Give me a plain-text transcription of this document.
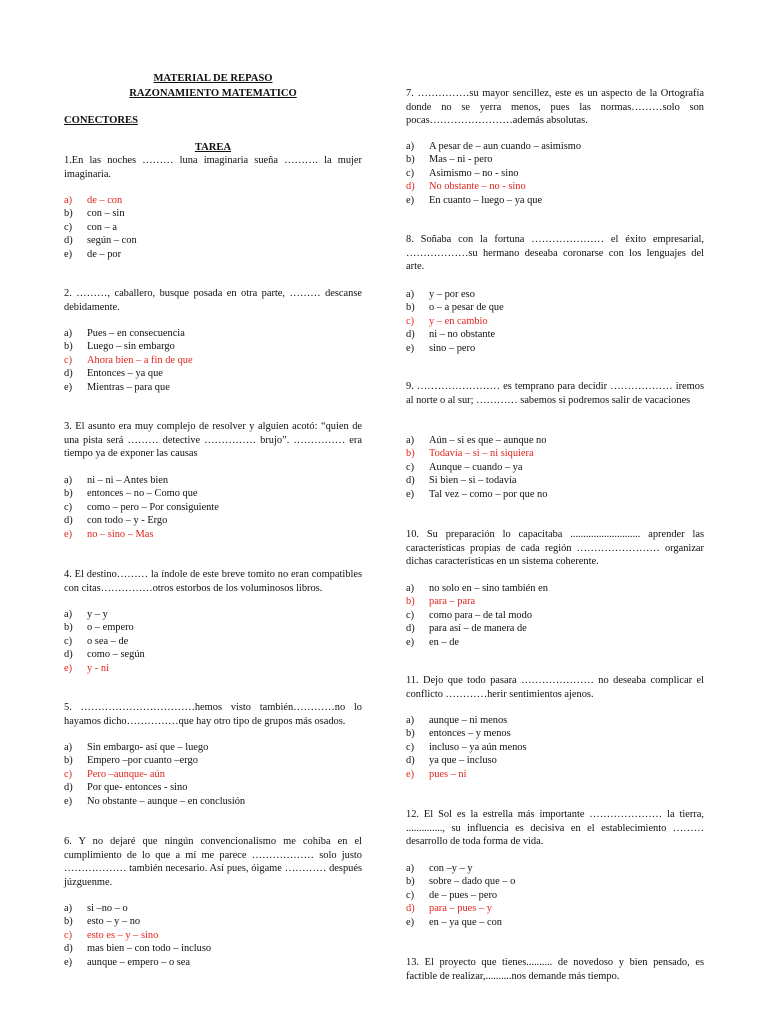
MATERIAL DE REPASO
RAZONAMIENTO MATEMATICO
CONECTORES
TAREA
1.En las noches ……… luna imaginaria sueña ………. la mujer imaginaria.
a) de – con
b) con – sin
c) con – a
d) según – con
e) de – por
2. ………, caballero, busque posada en otra parte, ……… descanse debidamente.
a) Pues – en consecuencia
b) Luego – sin embargo
c) Ahora bien – a fin de que
d) Entonces – ya que
e) Mientras – para que
3. El asunto era muy complejo de resolver y alguien acotó: “quien de una pista será ……… detective …………… brujo”. …………… era tiempo ya de exponer las causas
a) ni – ni – Antes bien
b) entonces – no – Como que
c) como – pero – Por consiguiente
d) con todo – y - Ergo
e) no – sino – Mas
4. El destino……… la índole de este breve tomito no eran compatibles con citas……………otros estorbos de los voluminosos libros.
a) y – y
b) o – empero
c) o sea – de
d) como – según
e) y - ni
5. ……………………………hemos visto también…………no lo hayamos dicho……………que hay otro tipo de grupos más osados.
a) Sin embargo- así que – luego
b) Empero –por cuanto –ergo
c) Pero –aunque- aún
d) Por que- entonces - sino
e) No obstante – aunque – en conclusión
6. Y no dejaré que ningún convencionalismo me cohíba en el cumplimiento de lo que a mí me parece ……………… solo justo ……………… también necesario. Así pues, óigame ………… después júzguenme.
a) si –no – o
b) esto – y – no
c) esto es – y – sino
d) mas bien – con todo – incluso
e) aunque – empero – o sea
7. ……………su mayor sencillez, este es un aspecto de la Ortografía donde no se yerra menos, pues las normas………solo son pocas……………………además absolutas.
a) A pesar de – aun cuando – asimismo
b) Mas – ni - pero
c) Asimismo – no - sino
d) No obstante – no - sino
e) En cuanto – luego – ya que
8. Soñaba con la fortuna ………………… el éxito empresarial, ………………su hermano deseaba coronarse con los lenguajes del arte.
a) y – por eso
b) o – a pesar de que
c) y – en cambio
d) ni – no obstante
e) sino – pero
9. …………………… es temprano para decidir ……………… iremos al norte o al sur; ………… sabemos si podremos salir de vacaciones
a) Aún – si es que – aunque no
b) Todavía – si – ni siquiera
c) Aunque – cuando – ya
d) Si bien – si – todavía
e) Tal vez – como – por que no
10. Su preparación lo capacitaba ........................... aprender las características propias de cada región …………………… organizar dichas características en un sistema coherente.
a) no solo en – sino también en
b) para – para
c) como para – de tal modo
d) para así – de manera de
e) en – de
11. Dejo que todo pasara ………………… no deseaba complicar el conflicto …………herir sentimientos ajenos.
a) aunque – ni menos
b) entonces – y menos
c) incluso – ya aún menos
d) ya que – incluso
e) pues – ni
12. El Sol es la estrella más importante ………………… la tierra, .............., su influencia es decisiva en el establecimiento ………desarrollo de toda forma de vida.
a) con –y – y
b) sobre – dado que – o
c) de – pues – pero
d) para – pues – y
e) en – ya que – con
13. El proyecto que tienes.......... de novedoso y bien pensado, es factible de realizar,..........nos demande más tiempo.
